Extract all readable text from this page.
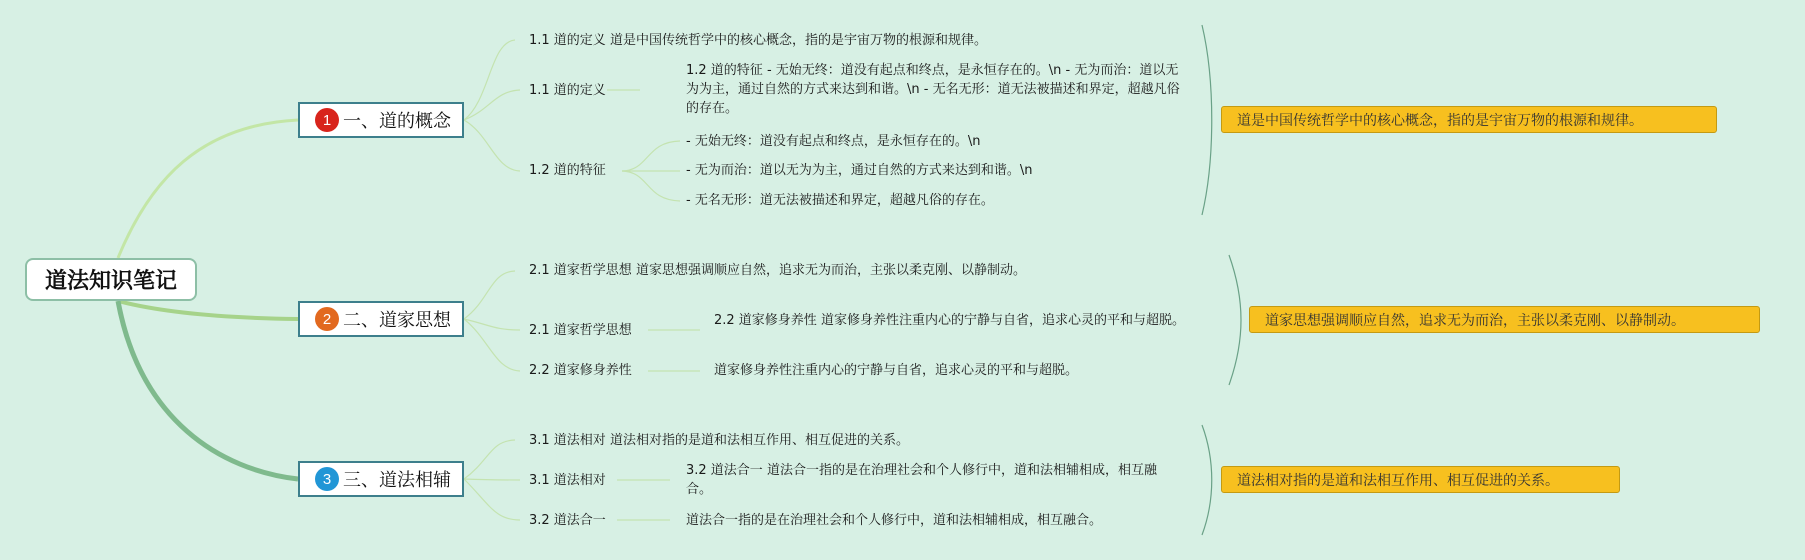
道法知识笔记
1 一、道的概念
1.1 道的定义 道是中国传统哲学中的核心概念，指的是宇宙万物的根源和规律。
1.1 道的定义
1.2 道的特征 - 无始无终：道没有起点和终点，是永恒存在的。\n - 无为而治：道以无为为主，通过自然的方式来达到和谐。\n - 无名无形：道无法被描述和界定，超越凡俗的存在。
1.2 道的特征
- 无始无终：道没有起点和终点，是永恒存在的。\n
- 无为而治：道以无为为主，通过自然的方式来达到和谐。\n
- 无名无形：道无法被描述和界定，超越凡俗的存在。
道是中国传统哲学中的核心概念，指的是宇宙万物的根源和规律。
2 二、道家思想
2.1 道家哲学思想 道家思想强调顺应自然，追求无为而治，主张以柔克刚、以静制动。
2.1 道家哲学思想
2.2 道家修身养性 道家修身养性注重内心的宁静与自省，追求心灵的平和与超脱。
2.2 道家修身养性	道家修身养性注重内心的宁静与自省，追求心灵的平和与超脱。
道家思想强调顺应自然，追求无为而治，主张以柔克刚、以静制动。
3 三、道法相辅
3.1 道法相对 道法相对指的是道和法相互作用、相互促进的关系。
3.1 道法相对
3.2 道法合一 道法合一指的是在治理社会和个人修行中，道和法相辅相成，相互融合。
3.2 道法合一	道法合一指的是在治理社会和个人修行中，道和法相辅相成，相互融合。
道法相对指的是道和法相互作用、相互促进的关系。
